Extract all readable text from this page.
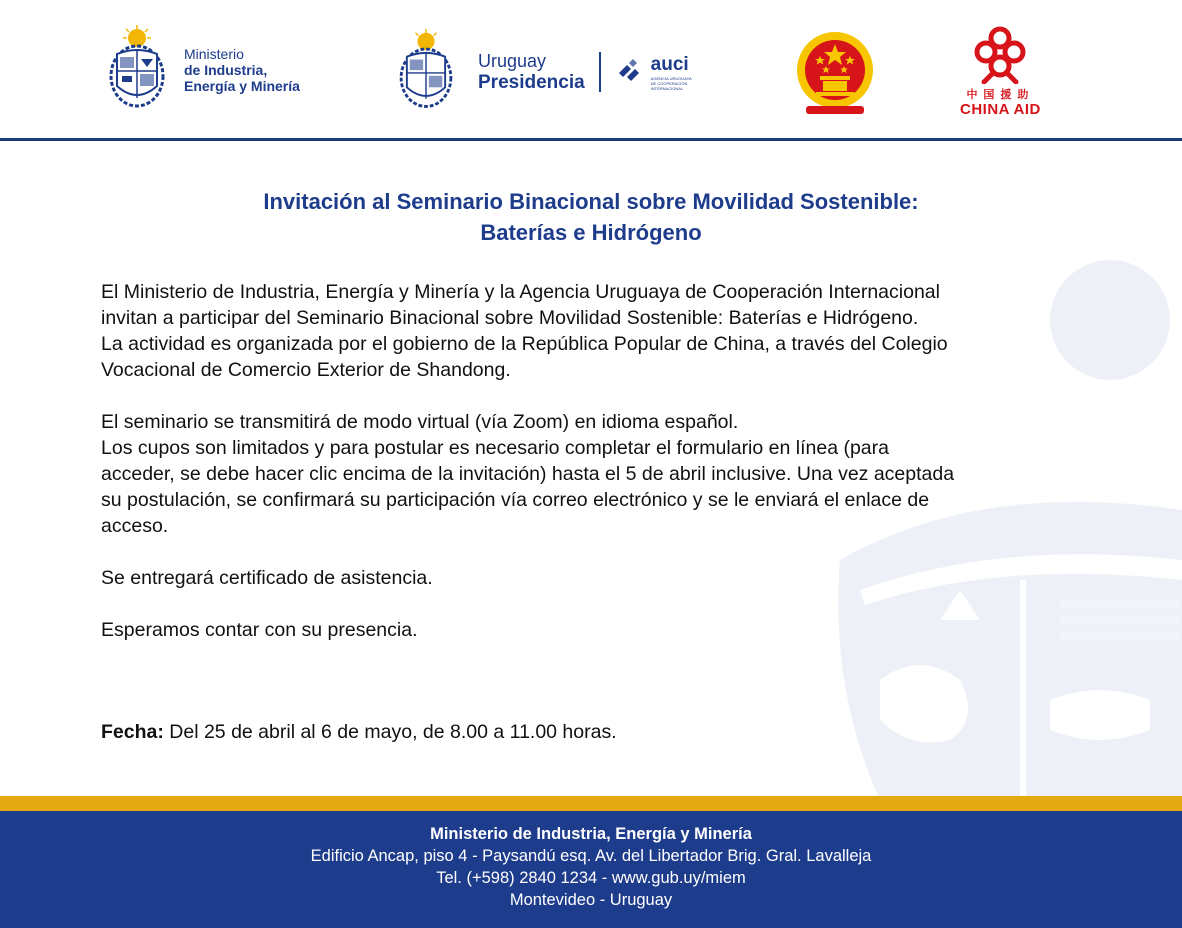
Ministerio
de Industria,
Energía y Minería
Uruguay
Presidencia
auci
AGENCIA URUGUAYA DE COOPERACIÓN INTERNACIONAL
中国援助
CHINA AID
Invitación al Seminario Binacional sobre Movilidad Sostenible:
Baterías e Hidrógeno

El Ministerio de Industria, Energía y Minería y la Agencia Uruguaya de Cooperación Internacional
invitan a participar del Seminario Binacional sobre Movilidad Sostenible: Baterías e Hidrógeno.
La actividad es organizada por el gobierno de la República Popular de China, a través del Colegio
Vocacional de Comercio Exterior de Shandong.

El seminario se transmitirá de modo virtual (vía Zoom) en idioma español.
Los cupos son limitados y para postular es necesario completar el formulario en línea (para
acceder, se debe hacer clic encima de la invitación) hasta el 5 de abril inclusive. Una vez aceptada
su postulación, se confirmará su participación vía correo electrónico y se le enviará el enlace de
acceso.

Se entregará certificado de asistencia.

Esperamos contar con su presencia.

Fecha: Del 25 de abril al 6 de mayo, de 8.00 a 11.00 horas.
Ministerio de Industria, Energía y Minería
Edificio Ancap, piso 4 - Paysandú esq. Av. del Libertador Brig. Gral. Lavalleja
Tel. (+598) 2840 1234 - www.gub.uy/miem
Montevideo - Uruguay
